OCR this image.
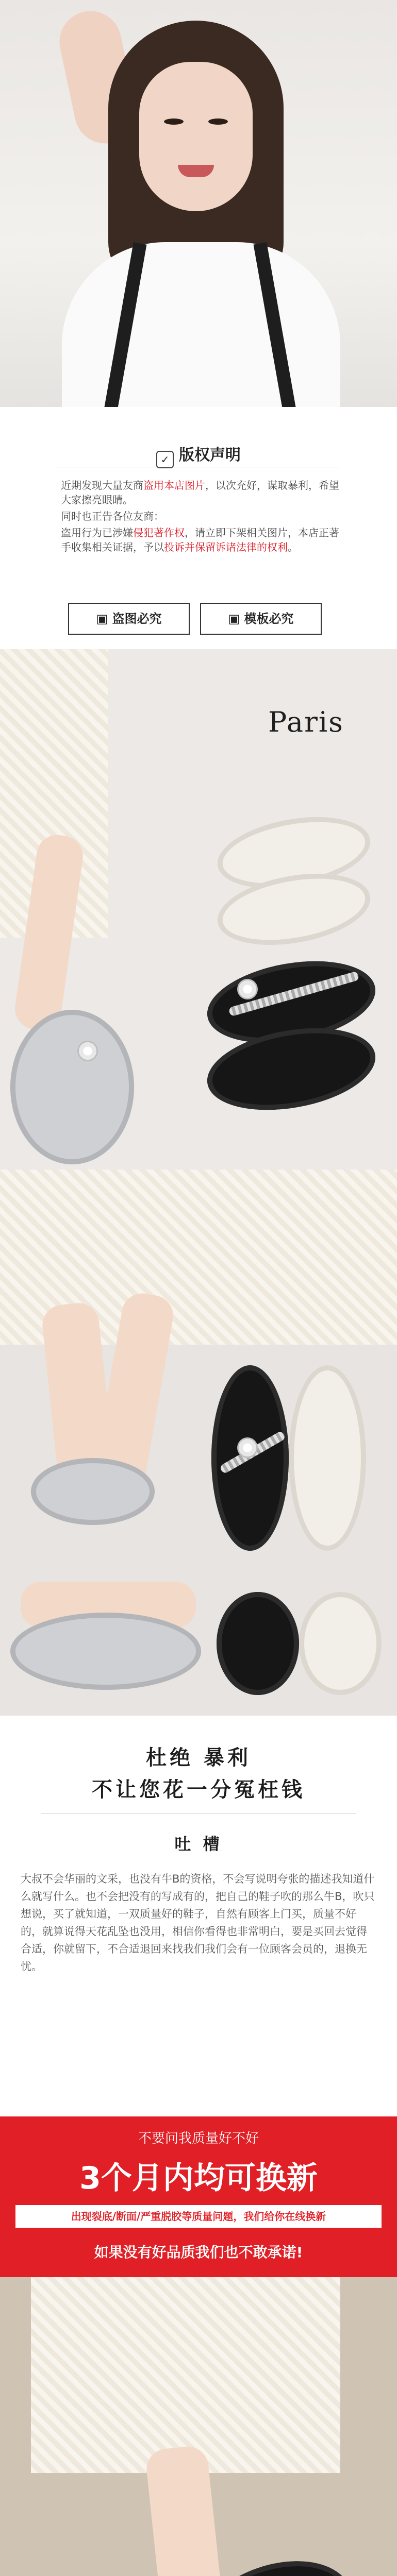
✓ 版权声明

近期发现大量友商盗用本店图片，以次充好，谋取暴利，希望大家擦亮眼睛。

同时也正告各位友商：

盗用行为已涉嫌侵犯著作权，请立即下架相关图片，本店正著手收集相关证据，予以投诉并保留诉诸法律的权利。

▣ 盗图必究	▣ 模板必究
Paris
杜绝 暴利
不让您花一分冤枉钱
吐 槽
大叔不会华丽的文采，也没有牛B的资格，不会写说明夸张的描述我知道什么就写什么。也不会把没有的写成有的，把自己的鞋子吹的那么牛B，吹只想说，买了就知道，一双质量好的鞋子，自然有顾客上门买，质量不好的，就算说得天花乱坠也没用，相信你看得也非常明白，要是买回去觉得合适，你就留下，不合适退回来找我们我们会有一位顾客会员的，退换无忧。
不要问我质量好不好
3个月内均可换新
出现裂底/断面/严重脱胶等质量问题，我们给你在线换新
如果没有好品质我们也不敢承诺!
